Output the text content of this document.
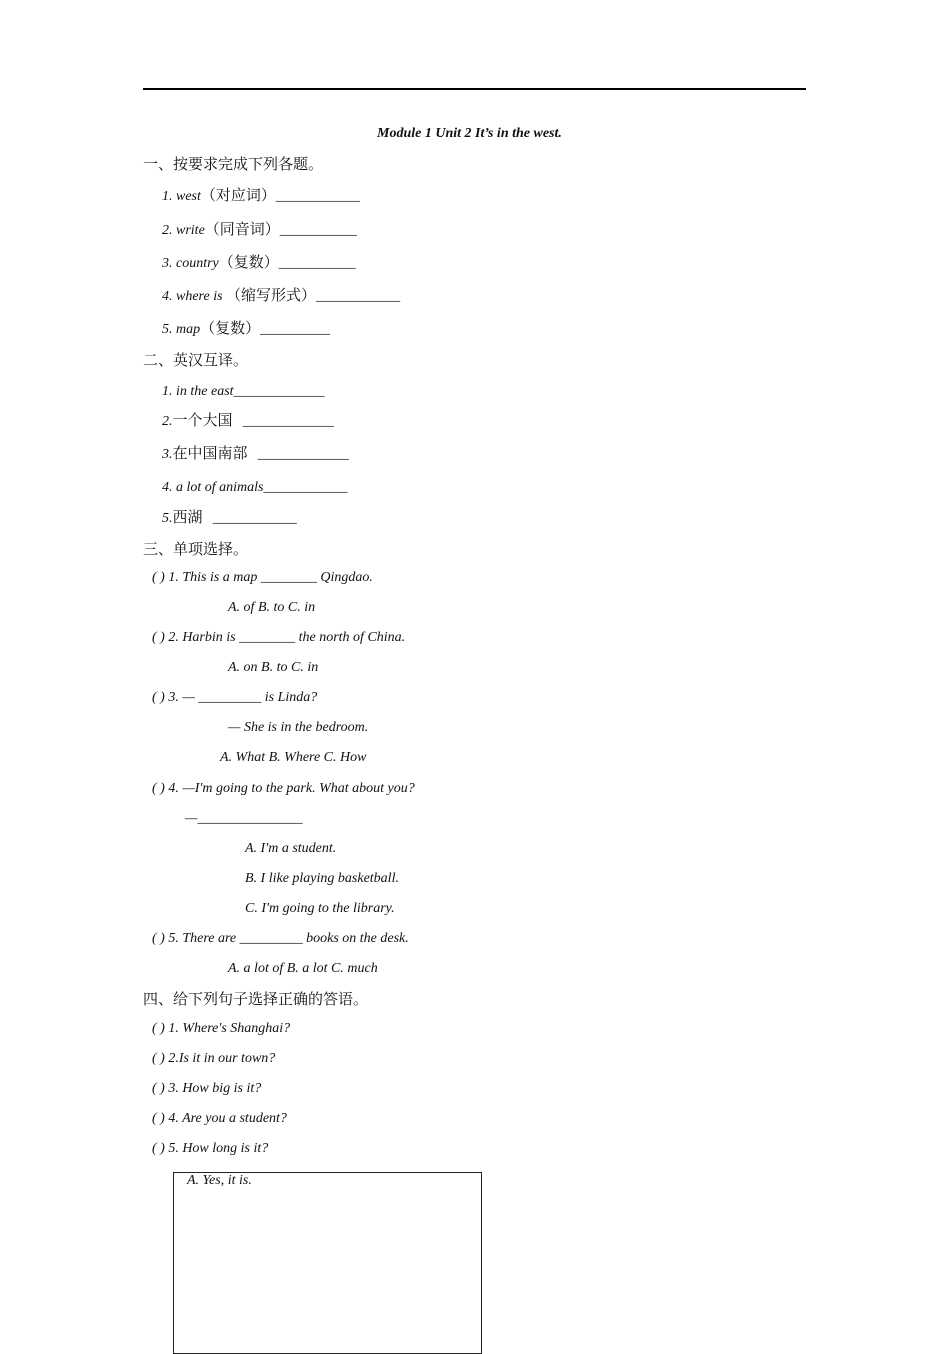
Module 1 Unit 2 It’s in the west.
一、按要求完成下列各题。
1. west（对应词）____________
2. write（同音词）___________
3. country（复数）___________
4. where is （缩写形式）____________
5. map（复数）__________
二、英汉互译。
1. in the east_____________
2.一个大国 _____________
3.在中国南部 _____________
4. a lot of animals____________
5.西湖 ____________
三、单项选择。
( ) 1. This is a map ________ Qingdao.
A. of B. to C. in
( ) 2. Harbin is ________ the north of China.
A. on B. to C. in
( ) 3. — _________ is Linda?
— She is in the bedroom.
A. What B. Where C. How
( ) 4. —I'm going to the park. What about you?
—_______________
A. I'm a student.
B. I like playing basketball.
C. I'm going to the library.
( ) 5. There are _________ books on the desk.
A. a lot of B. a lot C. much
四、给下列句子选择正确的答语。
( ) 1. Where's Shanghai?
( ) 2.Is it in our town?
( ) 3. How big is it?
( ) 4. Are you a student?
( ) 5. How long is it?
A. Yes, it is.
